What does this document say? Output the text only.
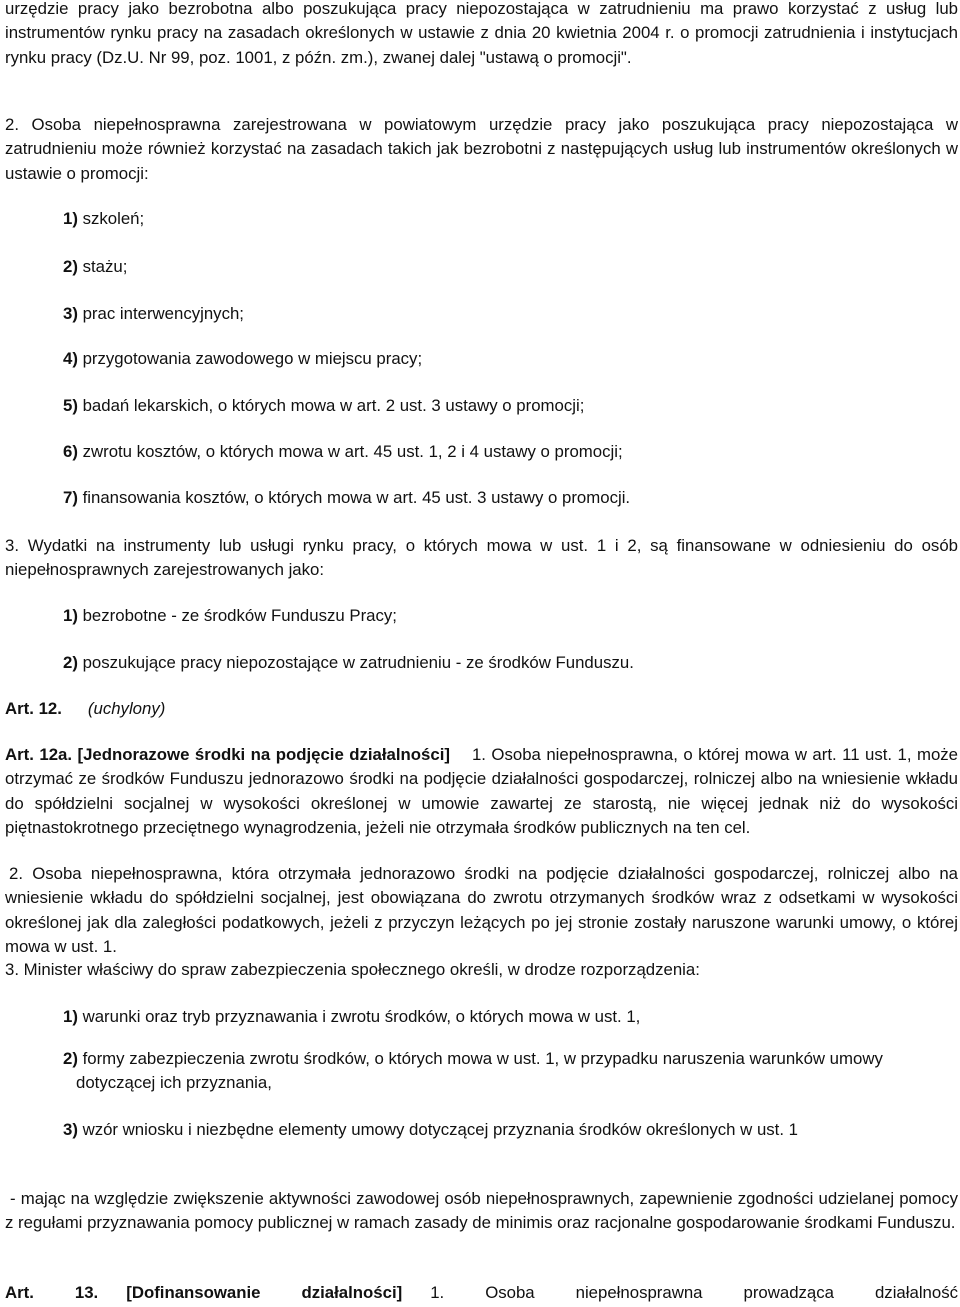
urzędzie pracy jako bezrobotna albo poszukująca pracy niepozostająca w zatrudnieniu ma prawo korzystać z usług lub instrumentów rynku pracy na zasadach określonych w ustawie z dnia 20 kwietnia 2004 r. o promocji zatrudnienia i instytucjach rynku pracy (Dz.U. Nr 99, poz. 1001, z późn. zm.), zwanej dalej "ustawą o promocji".

2. Osoba niepełnosprawna zarejestrowana w powiatowym urzędzie pracy jako poszukująca pracy niepozostająca w zatrudnieniu może również korzystać na zasadach takich jak bezrobotni z następujących usług lub instrumentów określonych w ustawie o promocji:

1) szkoleń;

2) stażu;

3) prac interwencyjnych;

4) przygotowania zawodowego w miejscu pracy;

5) badań lekarskich, o których mowa w art. 2 ust. 3 ustawy o promocji;

6) zwrotu kosztów, o których mowa w art. 45 ust. 1, 2 i 4 ustawy o promocji;

7) finansowania kosztów, o których mowa w art. 45 ust. 3 ustawy o promocji.

3. Wydatki na instrumenty lub usługi rynku pracy, o których mowa w ust. 1 i 2, są finansowane w odniesieniu do osób niepełnosprawnych zarejestrowanych jako:

1) bezrobotne - ze środków Funduszu Pracy;

2) poszukujące pracy niepozostające w zatrudnieniu - ze środków Funduszu.

Art. 12. (uchylony)

Art. 12a. [Jednorazowe środki na podjęcie działalności] 1. Osoba niepełnosprawna, o której mowa w art. 11 ust. 1, może otrzymać ze środków Funduszu jednorazowo środki na podjęcie działalności gospodarczej, rolniczej albo na wniesienie wkładu do spółdzielni socjalnej w wysokości określonej w umowie zawartej ze starostą, nie więcej jednak niż do wysokości piętnastokrotnego przeciętnego wynagrodzenia, jeżeli nie otrzymała środków publicznych na ten cel.

2. Osoba niepełnosprawna, która otrzymała jednorazowo środki na podjęcie działalności gospodarczej, rolniczej albo na wniesienie wkładu do spółdzielni socjalnej, jest obowiązana do zwrotu otrzymanych środków wraz z odsetkami w wysokości określonej jak dla zaległości podatkowych, jeżeli z przyczyn leżących po jej stronie zostały naruszone warunki umowy, o której mowa w ust. 1.

3. Minister właściwy do spraw zabezpieczenia społecznego określi, w drodze rozporządzenia:

1) warunki oraz tryb przyznawania i zwrotu środków, o których mowa w ust. 1,

2) formy zabezpieczenia zwrotu środków, o których mowa w ust. 1, w przypadku naruszenia warunków umowy dotyczącej ich przyznania,

3) wzór wniosku i niezbędne elementy umowy dotyczącej przyznania środków określonych w ust. 1

- mając na względzie zwiększenie aktywności zawodowej osób niepełnosprawnych, zapewnienie zgodności udzielanej pomocy z regułami przyznawania pomocy publicznej w ramach zasady de minimis oraz racjonalne gospodarowanie środkami Funduszu.

Art. 13. [Dofinansowanie działalności] 1. Osoba niepełnosprawna prowadząca działalność
